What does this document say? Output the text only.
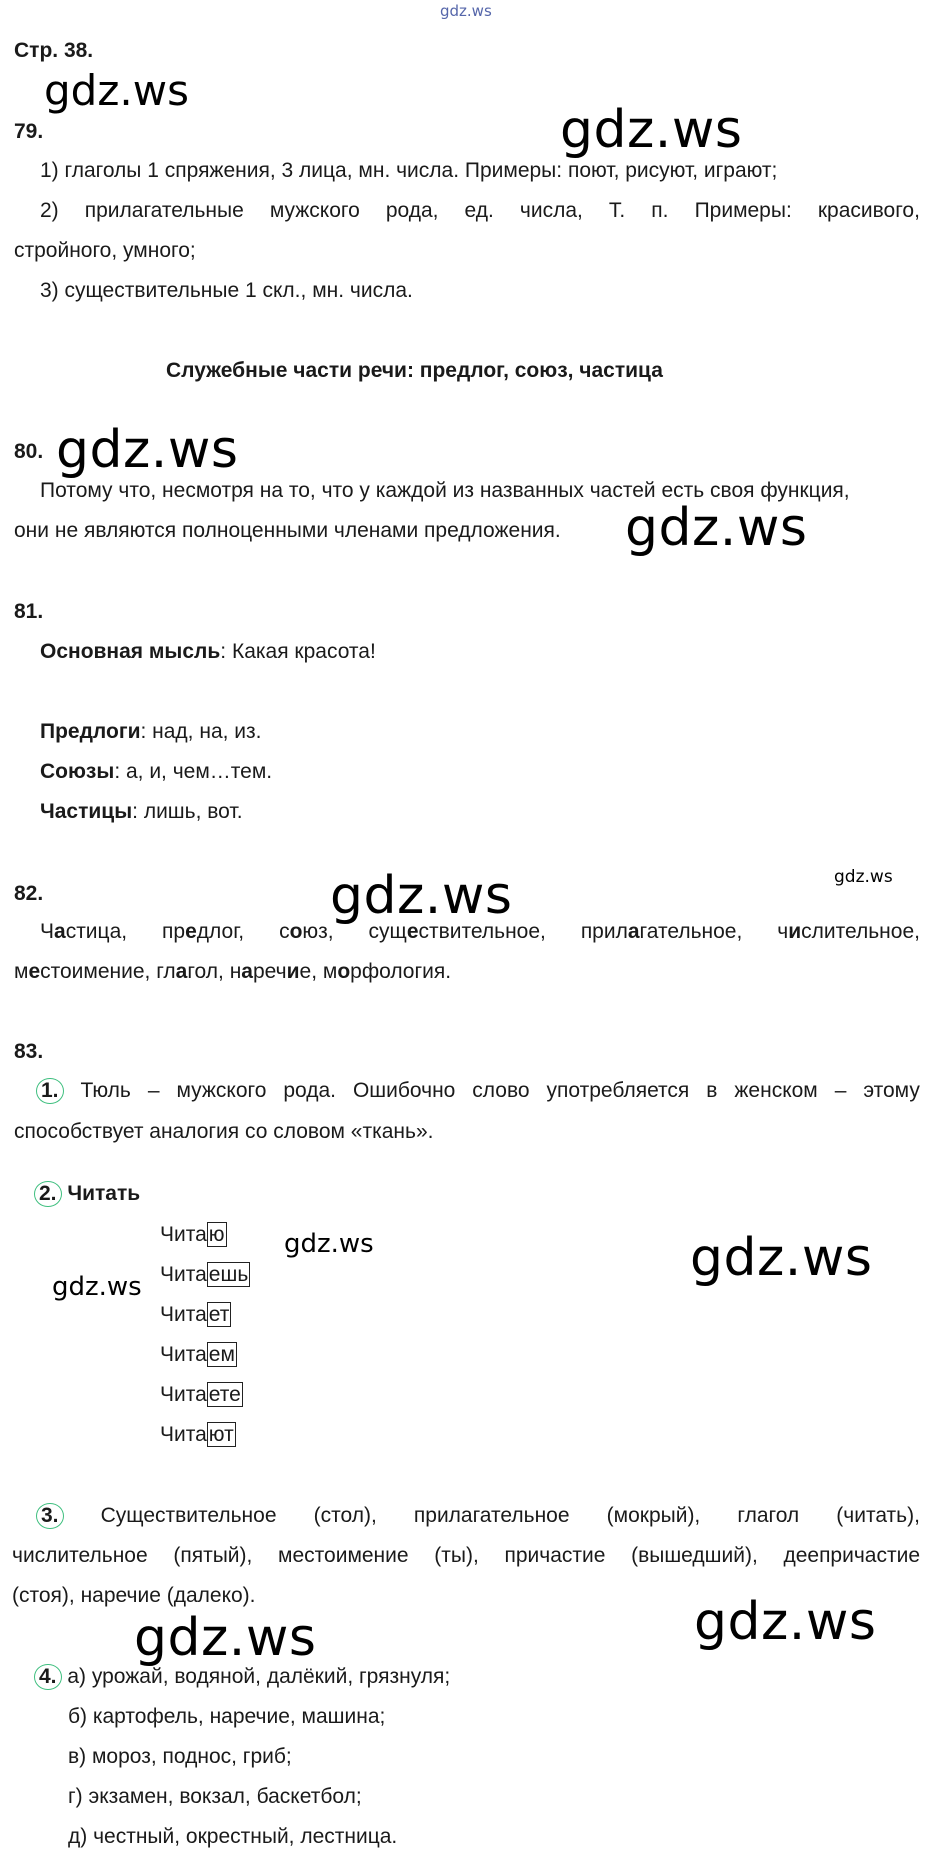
gdz.ws
Стр. 38.
gdz.ws
gdz.ws
gdz.ws
gdz.ws
gdz.ws
gdz.ws
gdz.ws
gdz.ws	gdz.ws
gdz.ws	gdz.ws
79.
1) глаголы 1 спряжения, 3 лица, мн. числа. Примеры: поют, рисуют, играют;
2) прилагательные мужского рода, ед. числа, Т. п. Примеры: красивого,
стройного, умного;
3) существительные 1 скл., мн. числа.
Служебные части речи: предлог, союз, частица
80.
Потому что, несмотря на то, что у каждой из названных частей есть своя функция,
они не являются полноценными членами предложения.
81.
Основная мысль: Какая красота!
Предлоги: над, на, из.
Союзы: а, и, чем…тем.
Частицы: лишь, вот.
82.
Частица, предлог, союз, существительное, прилагательное, числительное,
местоимение, глагол, наречие, морфология.
83.
1. Тюль – мужского рода. Ошибочно слово употребляется в женском – этому
способствует аналогия со словом «ткань».
2. Читать
Читаю
Читаешь
Читает
Читаем
Читаете
Читают
3. Существительное (стол), прилагательное (мокрый), глагол (читать),
числительное (пятый), местоимение (ты), причастие (вышедший), деепричастие
(стоя), наречие (далеко).
4. а) урожай, водяной, далёкий, грязнуля;
б) картофель, наречие, машина;
в) мороз, поднос, гриб;
г) экзамен, вокзал, баскетбол;
д) честный, окрестный, лестница.
